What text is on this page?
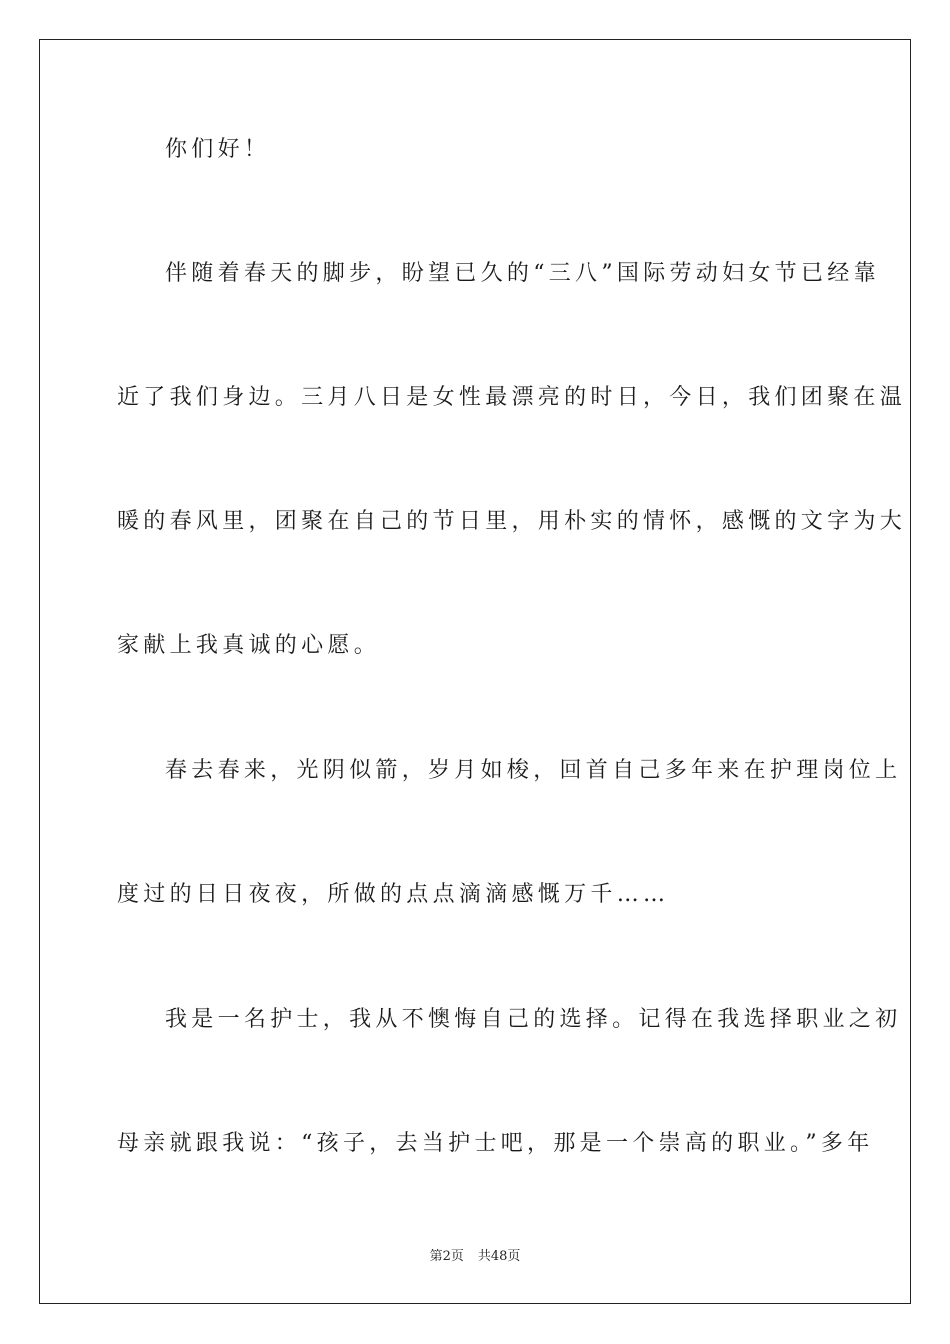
你们好！
伴随着春天的脚步，盼望已久的“三八”国际劳动妇女节已经靠
近了我们身边。三月八日是女性最漂亮的时日，今日，我们团聚在温
暖的春风里，团聚在自己的节日里，用朴实的情怀，感慨的文字为大
家献上我真诚的心愿。
春去春来，光阴似箭，岁月如梭，回首自己多年来在护理岗位上
度过的日日夜夜，所做的点点滴滴感慨万千……
我是一名护士，我从不懊悔自己的选择。记得在我选择职业之初
母亲就跟我说：“孩子，去当护士吧，那是一个崇高的职业。”多年
第2页 共48页
